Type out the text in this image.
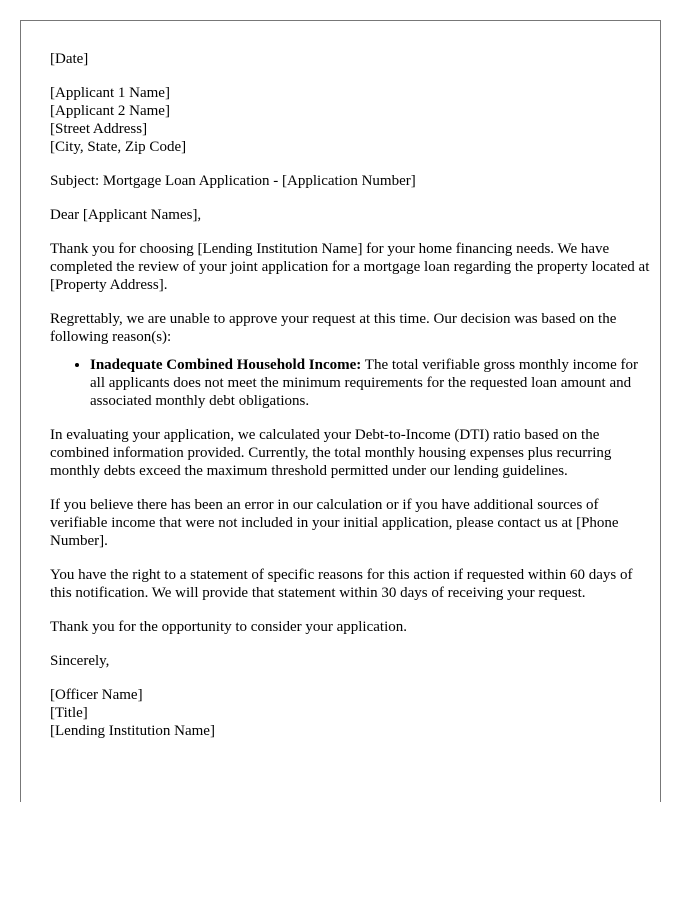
[Date]

[Applicant 1 Name]
[Applicant 2 Name]
[Street Address]
[City, State, Zip Code]

Subject: Mortgage Loan Application - [Application Number]

Dear [Applicant Names],

Thank you for choosing [Lending Institution Name] for your home financing needs. We have completed the review of your joint application for a mortgage loan regarding the property located at [Property Address].

Regrettably, we are unable to approve your request at this time. Our decision was based on the following reason(s):

• Inadequate Combined Household Income: The total verifiable gross monthly income for all applicants does not meet the minimum requirements for the requested loan amount and associated monthly debt obligations.

In evaluating your application, we calculated your Debt-to-Income (DTI) ratio based on the combined information provided. Currently, the total monthly housing expenses plus recurring monthly debts exceed the maximum threshold permitted under our lending guidelines.

If you believe there has been an error in our calculation or if you have additional sources of verifiable income that were not included in your initial application, please contact us at [Phone Number].

You have the right to a statement of specific reasons for this action if requested within 60 days of this notification. We will provide that statement within 30 days of receiving your request.

Thank you for the opportunity to consider your application.

Sincerely,

[Officer Name]
[Title]
[Lending Institution Name]
